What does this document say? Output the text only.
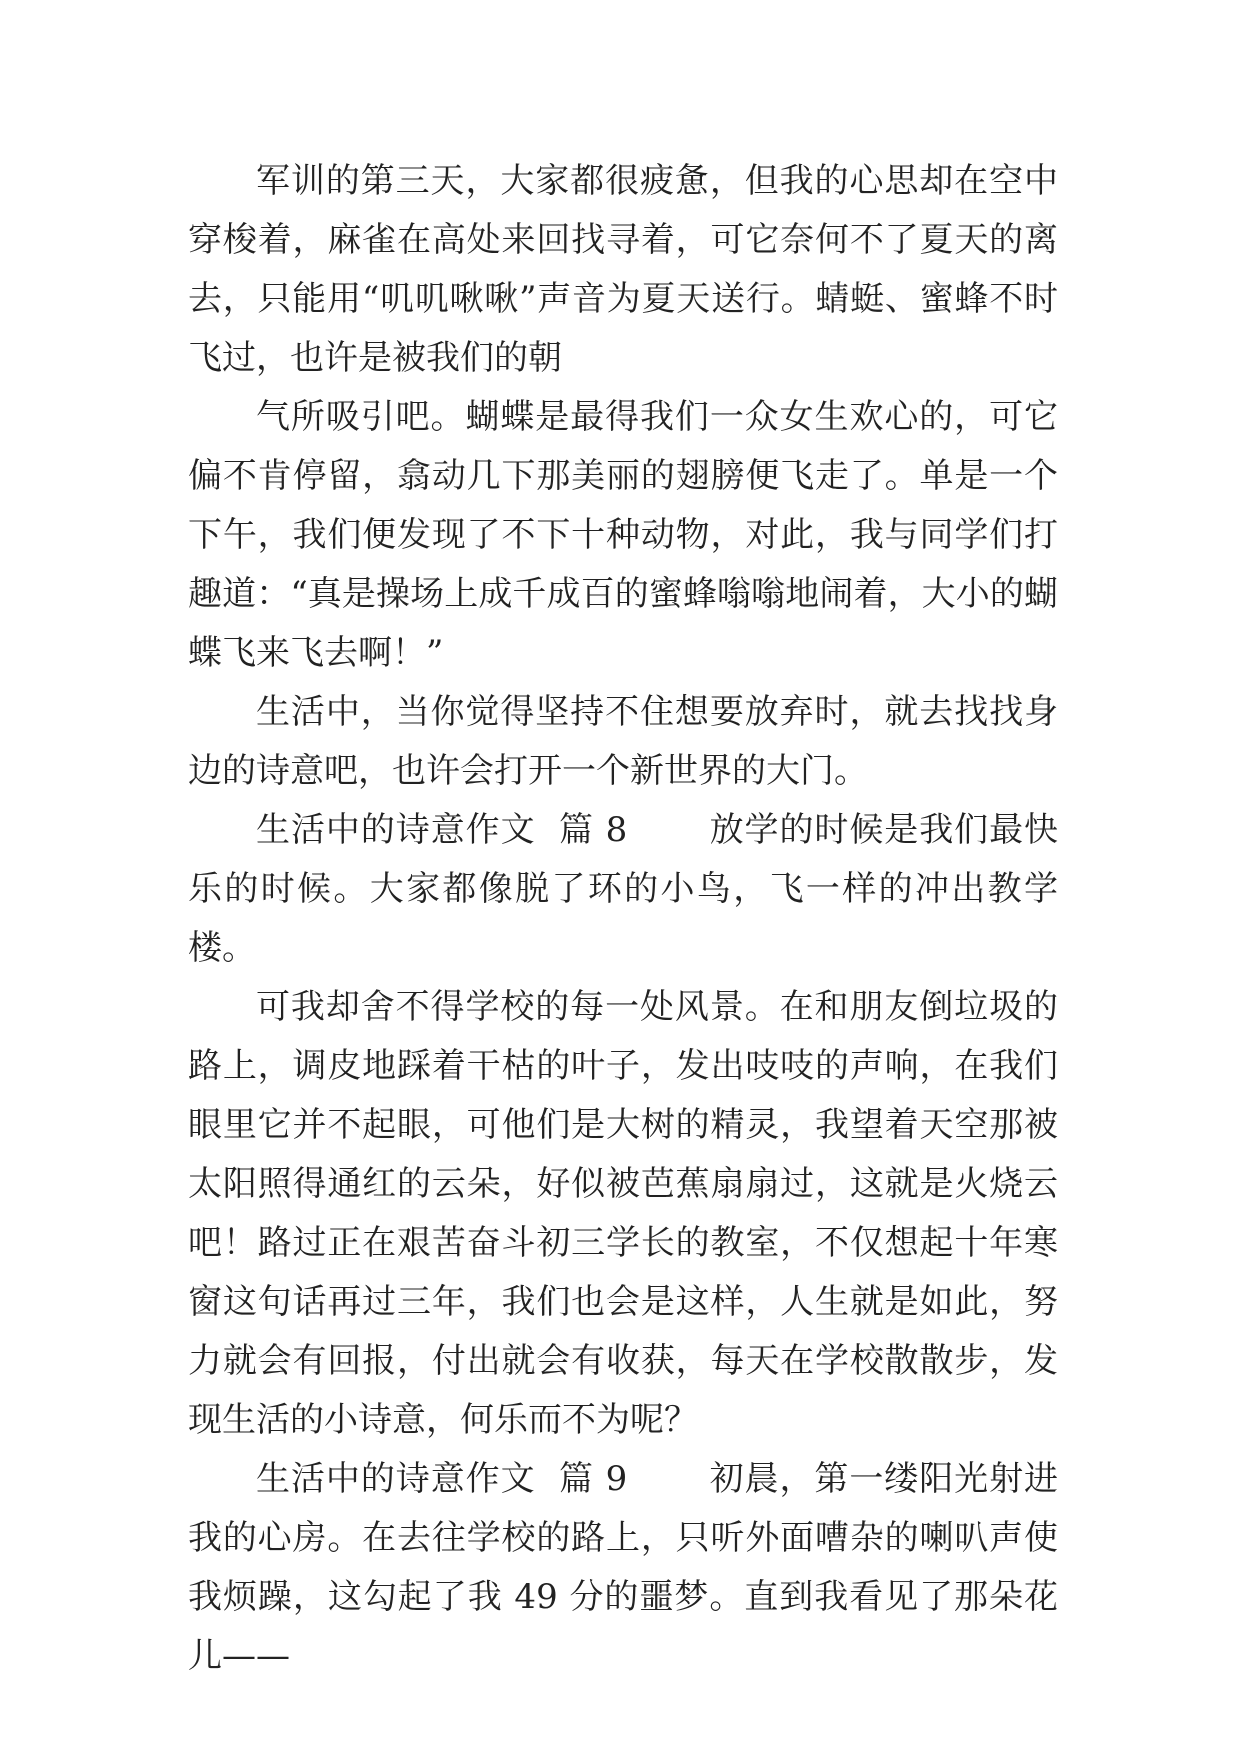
军训的第三天，大家都很疲惫，但我的心思却在空中穿梭着，麻雀在高处来回找寻着，可它奈何不了夏天的离去，只能用“叽叽啾啾”声音为夏天送行。蜻蜓、蜜蜂不时飞过，也许是被我们的朝

气所吸引吧。蝴蝶是最得我们一众女生欢心的，可它偏不肯停留，翕动几下那美丽的翅膀便飞走了。单是一个下午，我们便发现了不下十种动物，对此，我与同学们打趣道：“真是操场上成千成百的蜜蜂嗡嗡地闹着，大小的蝴蝶飞来飞去啊！”

生活中，当你觉得坚持不住想要放弃时，就去找找身边的诗意吧，也许会打开一个新世界的大门。

生活中的诗意作文  篇 8 放学的时候是我们最快乐的时候。大家都像脱了环的小鸟，飞一样的冲出教学楼。

可我却舍不得学校的每一处风景。在和朋友倒垃圾的路上，调皮地踩着干枯的叶子，发出吱吱的声响，在我们眼里它并不起眼，可他们是大树的精灵，我望着天空那被太阳照得通红的云朵，好似被芭蕉扇扇过，这就是火烧云吧！路过正在艰苦奋斗初三学长的教室，不仅想起十年寒窗这句话再过三年，我们也会是这样，人生就是如此，努力就会有回报，付出就会有收获，每天在学校散散步，发现生活的小诗意，何乐而不为呢？

生活中的诗意作文  篇 9 初晨，第一缕阳光射进我的心房。在去往学校的路上，只听外面嘈杂的喇叭声使我烦躁，这勾起了我 49 分的噩梦。直到我看见了那朵花儿——
